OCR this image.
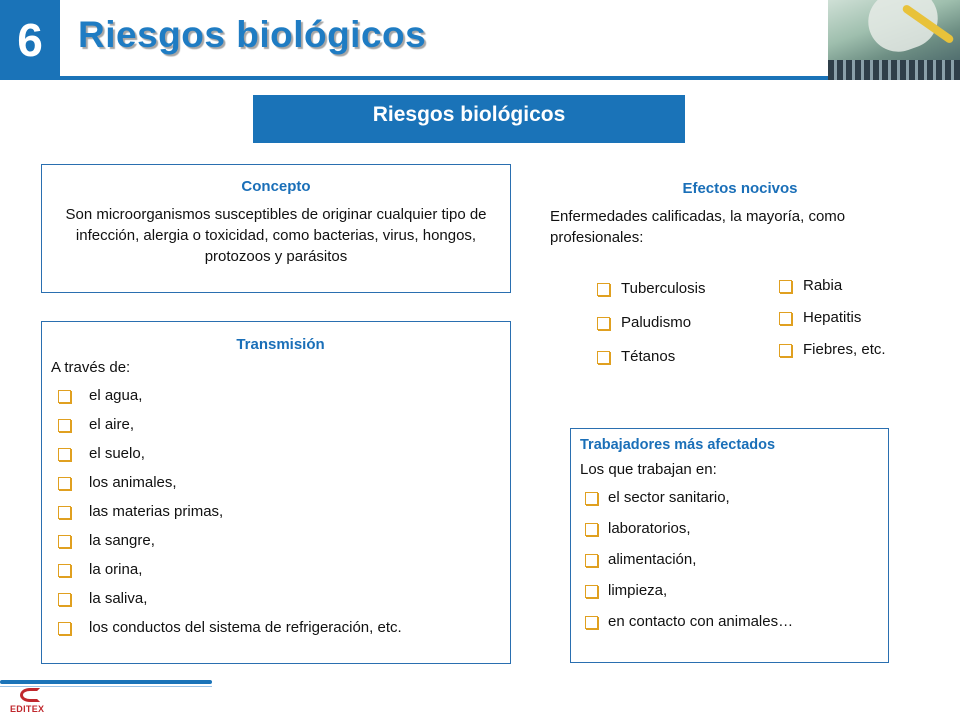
6 Riesgos biológicos
Riesgos biológicos
Concepto
Son microorganismos susceptibles de originar cualquier tipo de infección, alergia o toxicidad, como bacterias, virus, hongos, protozoos y parásitos
Efectos nocivos
Enfermedades calificadas, la mayoría, como profesionales:
Tuberculosis
Paludismo
Tétanos
Rabia
Hepatitis
Fiebres, etc.
Transmisión
A través de:
el agua,
el aire,
el suelo,
los animales,
las materias primas,
la sangre,
la orina,
la saliva,
los conductos del sistema de refrigeración, etc.
Trabajadores más afectados
Los que trabajan en:
el sector sanitario,
laboratorios,
alimentación,
limpieza,
en contacto con animales…
EDITEX
